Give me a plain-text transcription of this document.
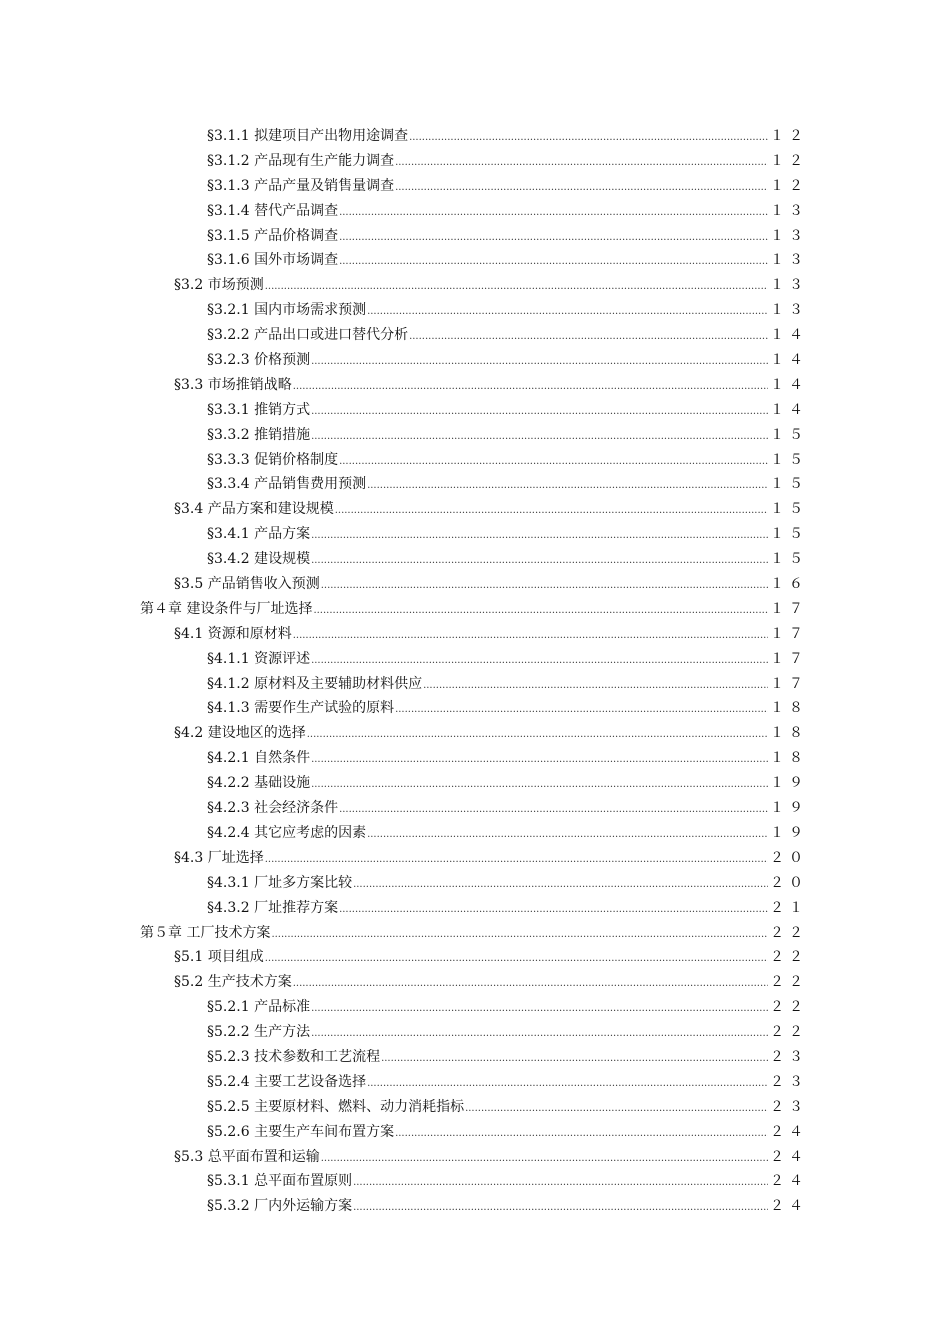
§3.1.1 拟建项目产出物用途调查 .....	１２
§3.1.2 产品现有生产能力调查 .....	１２
§3.1.3 产品产量及销售量调查 .....	１２
§3.1.4 替代产品调查 .....	１３
§3.1.5 产品价格调查 .....	１３
§3.1.6 国外市场调查 .....	１３
§3.2 市场预测 .....	１３
§3.2.1 国内市场需求预测 .....	１３
§3.2.2 产品出口或进口替代分析 .....	１４
§3.2.3 价格预测 .....	１４
§3.3 市场推销战略 .....	１４
§3.3.1 推销方式 .....	１４
§3.3.2 推销措施 .....	１５
§3.3.3 促销价格制度 .....	１５
§3.3.4 产品销售费用预测 .....	１５
§3.4 产品方案和建设规模 .....	１５
§3.4.1 产品方案 .....	１５
§3.4.2 建设规模 .....	１５
§3.5 产品销售收入预测 .....	１６
第４章 建设条件与厂址选择 .....	１７
§4.1 资源和原材料 .....	１７
§4.1.1 资源评述 .....	１７
§4.1.2 原材料及主要辅助材料供应 .....	１７
§4.1.3 需要作生产试验的原料 .....	１８
§4.2 建设地区的选择 .....	１８
§4.2.1 自然条件 .....	１８
§4.2.2 基础设施 .....	１９
§4.2.3 社会经济条件 .....	１９
§4.2.4 其它应考虑的因素 .....	１９
§4.3 厂址选择 .....	２０
§4.3.1 厂址多方案比较 .....	２０
§4.3.2 厂址推荐方案 .....	２１
第５章 工厂技术方案 .....	２２
§5.1 项目组成 .....	２２
§5.2 生产技术方案 .....	２２
§5.2.1 产品标准 .....	２２
§5.2.2 生产方法 .....	２２
§5.2.3 技术参数和工艺流程 .....	２３
§5.2.4 主要工艺设备选择 .....	２３
§5.2.5 主要原材料、燃料、动力消耗指标 .....	２３
§5.2.6 主要生产车间布置方案 .....	２４
§5.3 总平面布置和运输 .....	２４
§5.3.1 总平面布置原则 .....	２４
§5.3.2 厂内外运输方案 .....	２４
